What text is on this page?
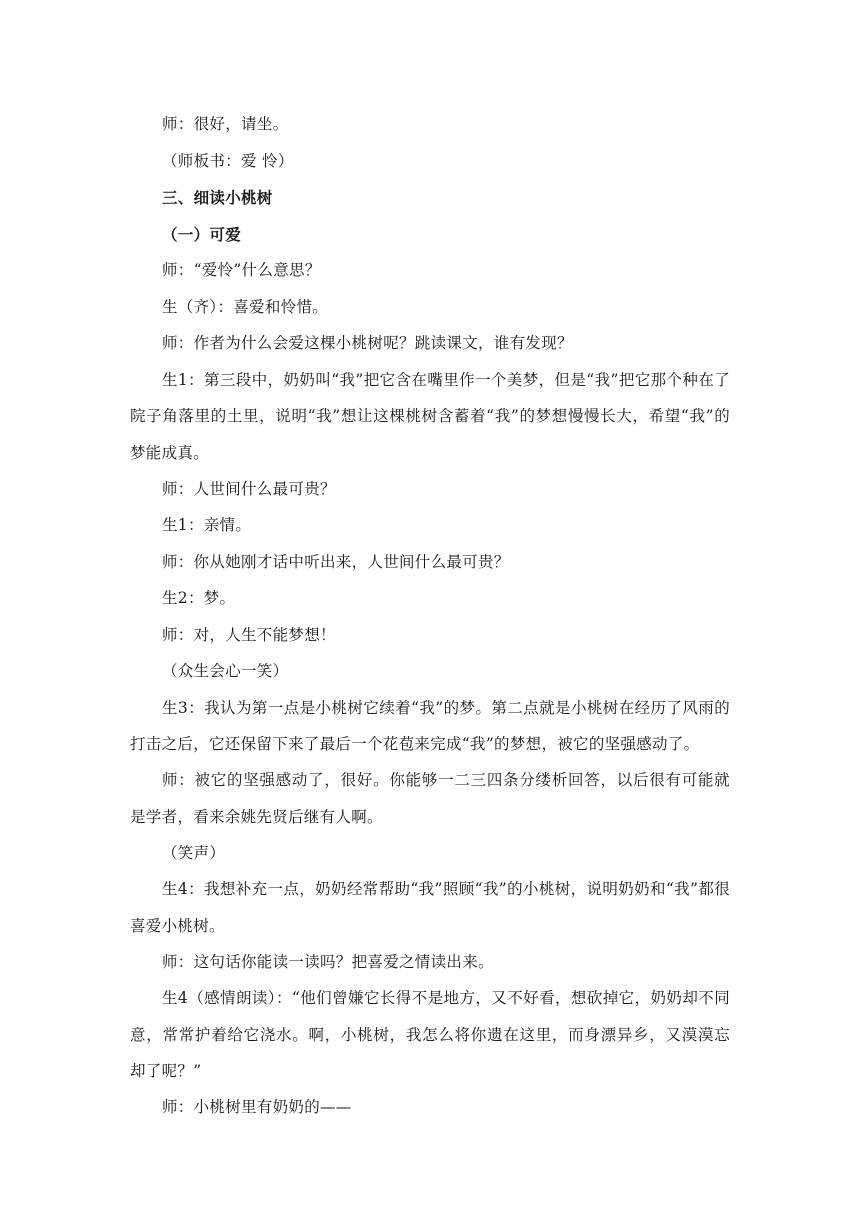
师：很好，请坐。
（师板书：爱 怜）
三、细读小桃树
（一）可爱
师：“爱怜”什么意思？
生（齐）：喜爱和怜惜。
师：作者为什么会爱这棵小桃树呢？跳读课文，谁有发现？
生1：第三段中，奶奶叫“我”把它含在嘴里作一个美梦，但是“我”把它那个种在了院子角落里的土里，说明“我”想让这棵桃树含蓄着“我”的梦想慢慢长大，希望“我”的梦能成真。
师：人世间什么最可贵？
生1：亲情。
师：你从她刚才话中听出来，人世间什么最可贵？
生2：梦。
师：对，人生不能梦想！
（众生会心一笑）
生3：我认为第一点是小桃树它续着“我”的梦。第二点就是小桃树在经历了风雨的打击之后，它还保留下来了最后一个花苞来完成“我”的梦想，被它的坚强感动了。
师：被它的坚强感动了，很好。你能够一二三四条分缕析回答，以后很有可能就是学者，看来余姚先贤后继有人啊。
（笑声）
生4：我想补充一点，奶奶经常帮助“我”照顾“我”的小桃树，说明奶奶和“我”都很喜爱小桃树。
师：这句话你能读一读吗？把喜爱之情读出来。
生4（感情朗读）：“他们曾嫌它长得不是地方，又不好看，想砍掉它，奶奶却不同意，常常护着给它浇水。啊，小桃树，我怎么将你遗在这里，而身漂异乡，又漠漠忘却了呢？”
师：小桃树里有奶奶的——
